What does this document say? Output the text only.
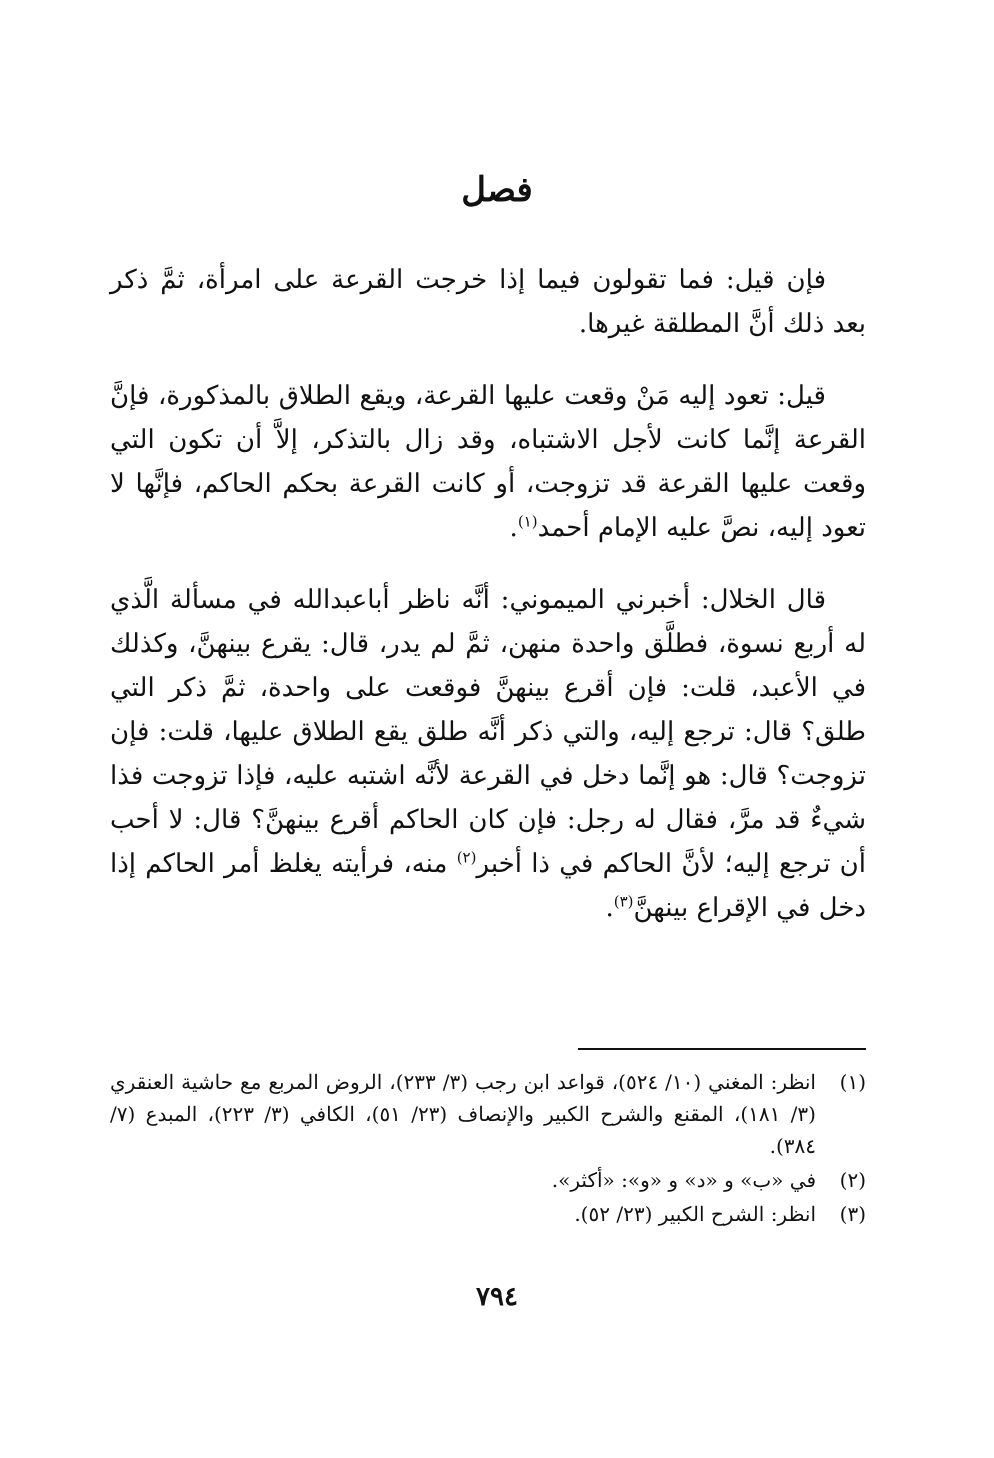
فصل

فإن قيل: فما تقولون فيما إذا خرجت القرعة على امرأة، ثمَّ ذكر بعد ذلك أنَّ المطلقة غيرها.

قيل: تعود إليه مَنْ وقعت عليها القرعة، ويقع الطلاق بالمذكورة، فإنَّ القرعة إنَّما كانت لأجل الاشتباه، وقد زال بالتذكر، إلاَّ أن تكون التي وقعت عليها القرعة قد تزوجت، أو كانت القرعة بحكم الحاكم، فإنَّها لا تعود إليه، نصَّ عليه الإمام أحمد$^{(١)}$.

قال الخلال: أخبرني الميموني: أنَّه ناظر أباعبدالله في مسألة الَّذي له أربع نسوة، فطلَّق واحدة منهن، ثمَّ لم يدر، قال: يقرع بينهنَّ، وكذلك في الأعبد، قلت: فإن أقرع بينهنَّ فوقعت على واحدة، ثمَّ ذكر التي طلق؟ قال: ترجع إليه، والتي ذكر أنَّه طلق يقع الطلاق عليها، قلت: فإن تزوجت؟ قال: هو إنَّما دخل في القرعة لأنَّه اشتبه عليه، فإذا تزوجت فذا شيءٌ قد مرَّ، فقال له رجل: فإن كان الحاكم أقرع بينهنَّ؟ قال: لا أحب أن ترجع إليه؛ لأنَّ الحاكم في ذا أخبر$^{(٢)}$ منه، فرأيته يغلظ أمر الحاكم إذا دخل في الإقراع بينهنَّ$^{(٣)}$.

(١)
انظر: المغني (١٠/ ٥٢٤)، قواعد ابن رجب (٣/ ٢٣٣)، الروض المربع مع حاشية العنقري (٣/ ١٨١)، المقنع والشرح الكبير والإنصاف (٢٣/ ٥١)، الكافي (٣/ ٢٢٣)، المبدع (٧/ ٣٨٤).
(٢)
في «ب» و «د» و «و»: «أكثر».
(٣)
انظر: الشرح الكبير (٢٣/ ٥٢).
٧٩٤
